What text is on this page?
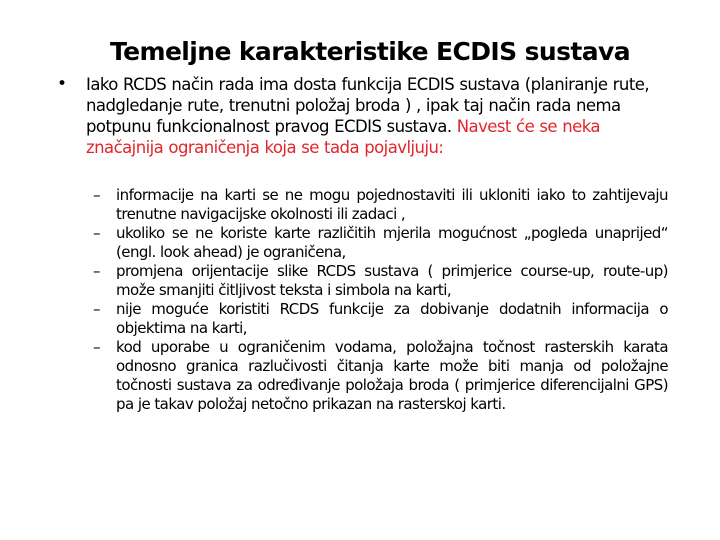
Temeljne karakteristike ECDIS sustava
• Iako RCDS način rada ima dosta funkcija ECDIS sustava (planiranje rute, nadgledanje rute, trenutni položaj broda ) , ipak taj način rada nema potpunu funkcionalnost pravog ECDIS sustava. Navest će se neka značajnija ograničenja koja se tada pojavljuju:
– informacije na karti se ne mogu pojednostaviti ili ukloniti iako to zahtijevaju trenutne navigacijske okolnosti ili zadaci ,
– ukoliko se ne koriste karte različitih mjerila mogućnost „pogleda unaprijed“ (engl. look ahead) je ograničena,
– promjena orijentacije slike RCDS sustava ( primjerice course-up, route-up) može smanjiti čitljivost teksta i simbola na karti,
– nije moguće koristiti RCDS funkcije za dobivanje dodatnih informacija o objektima na karti,
– kod uporabe u ograničenim vodama, položajna točnost rasterskih karata odnosno granica razlučivosti čitanja karte može biti manja od položajne točnosti sustava za određivanje položaja broda ( primjerice diferencijalni GPS) pa je takav položaj netočno prikazan na rasterskoj karti.
